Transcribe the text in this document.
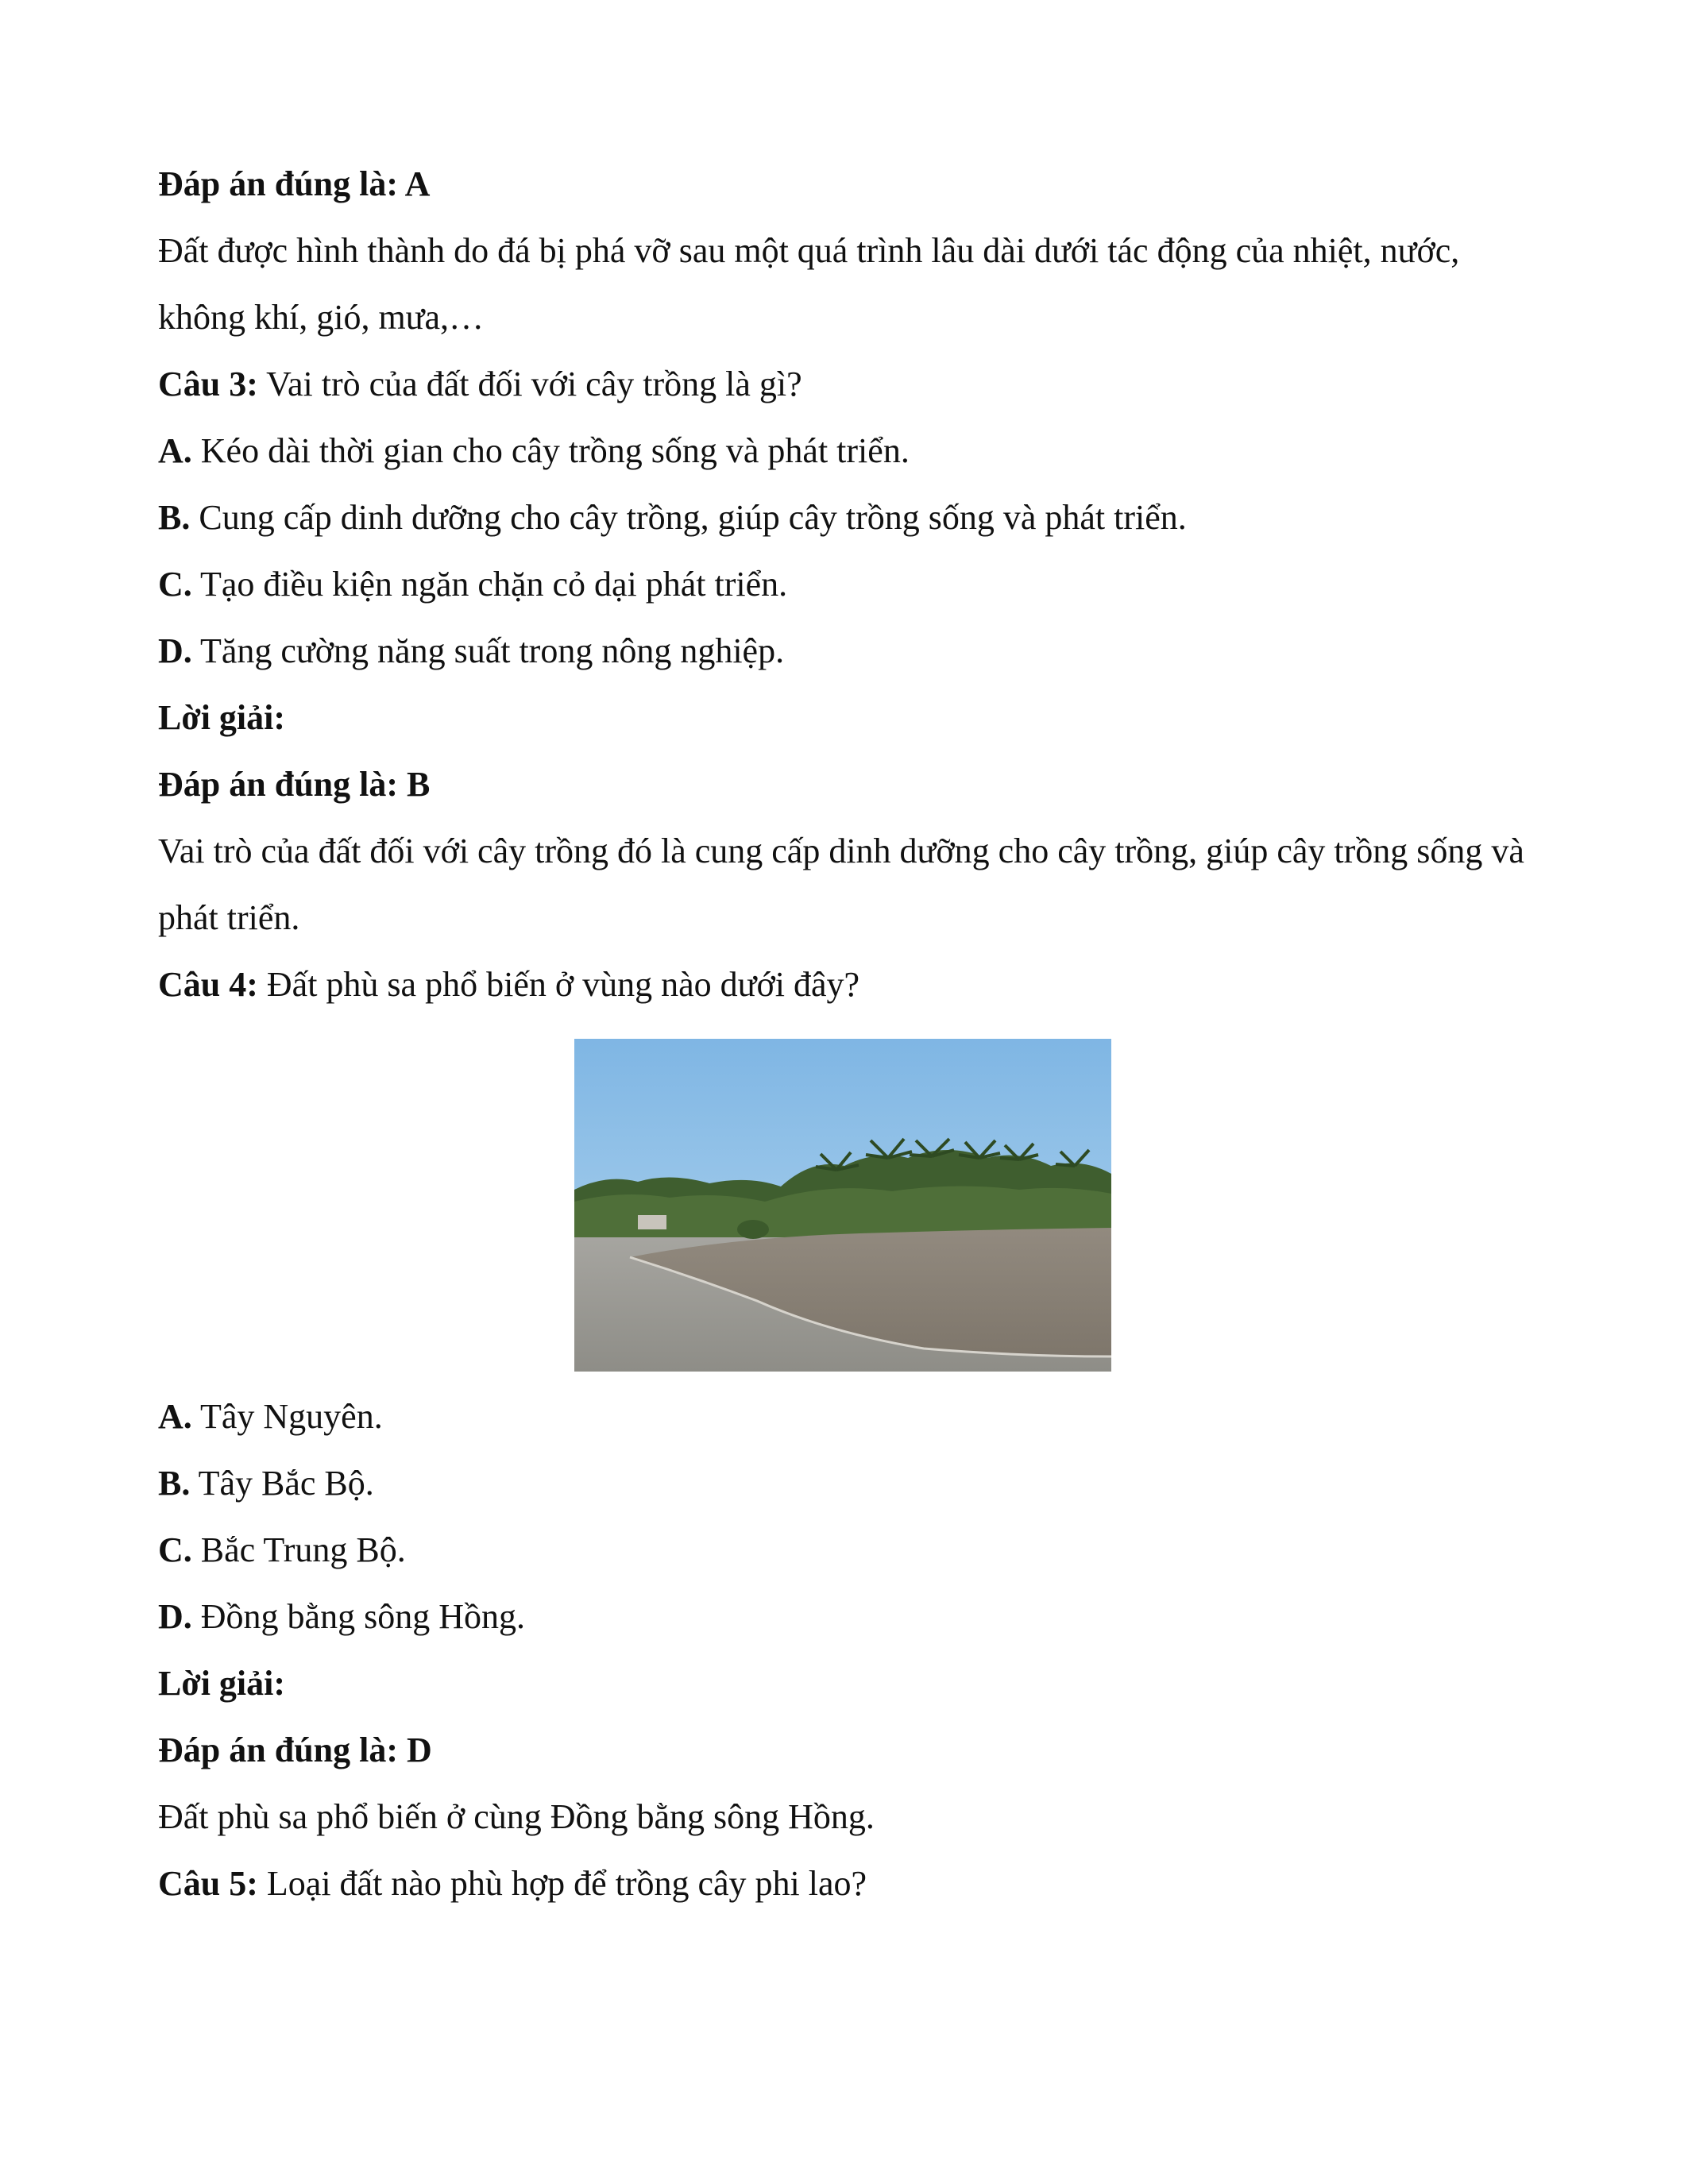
Đáp án đúng là: A
Đất được hình thành do đá bị phá vỡ sau một quá trình lâu dài dưới tác động của nhiệt, nước, không khí, gió, mưa,…
Câu 3: Vai trò của đất đối với cây trồng là gì?
A. Kéo dài thời gian cho cây trồng sống và phát triển.
B. Cung cấp dinh dưỡng cho cây trồng, giúp cây trồng sống và phát triển.
C. Tạo điều kiện ngăn chặn cỏ dại phát triển.
D. Tăng cường năng suất trong nông nghiệp.
Lời giải:
Đáp án đúng là: B
Vai trò của đất đối với cây trồng đó là cung cấp dinh dưỡng cho cây trồng, giúp cây trồng sống và phát triển.
Câu 4: Đất phù sa phổ biến ở vùng nào dưới đây?
A. Tây Nguyên.
B. Tây Bắc Bộ.
C. Bắc Trung Bộ.
D. Đồng bằng sông Hồng.
Lời giải:
Đáp án đúng là: D
Đất phù sa phổ biến ở cùng Đồng bằng sông Hồng.
Câu 5: Loại đất nào phù hợp để trồng cây phi lao?
